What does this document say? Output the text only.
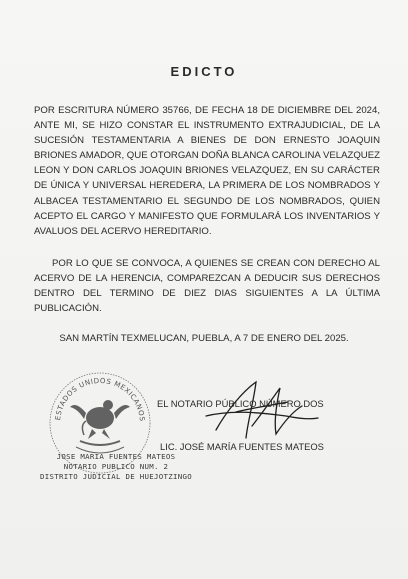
EDICTO
POR ESCRITURA NÚMERO 35766, DE FECHA 18 DE DICIEMBRE DEL 2024, ANTE MI, SE HIZO CONSTAR EL INSTRUMENTO EXTRAJUDICIAL, DE LA SUCESIÓN TESTAMENTARIA A BIENES DE DON ERNESTO JOAQUIN BRIONES AMADOR, QUE OTORGAN DOÑA BLANCA CAROLINA VELAZQUEZ LEON Y DON CARLOS JOAQUIN BRIONES VELAZQUEZ, EN SU CARÁCTER DE ÚNICA Y UNIVERSAL HEREDERA, LA PRIMERA DE LOS NOMBRADOS Y ALBACEA TESTAMENTARIO EL SEGUNDO DE LOS NOMBRADOS, QUIEN ACEPTO EL CARGO Y MANIFESTO QUE FORMULARÁ LOS INVENTARIOS Y AVALUOS DEL ACERVO HEREDITARIO.
POR LO QUE SE CONVOCA, A QUIENES SE CREAN CON DERECHO AL ACERVO DE LA HERENCIA, COMPAREZCAN A DEDUCIR SUS DERECHOS DENTRO DEL TERMINO DE DIEZ DIAS SIGUIENTES A LA ÚLTIMA PUBLICACIÓN.
SAN MARTÍN TEXMELUCAN, PUEBLA, A 7 DE ENERO DEL 2025.
ESTADOS UNIDOS MEXICANOS
JOSE MARIA FUENTES MATEOS
NOTARIO PUBLICO NUM. 2
DISTRITO JUDICIAL DE HUEJOTZINGO
EL NOTARIO PÚBLICO NÚMERO DOS
LIC. JOSÉ MARÍA FUENTES MATEOS
